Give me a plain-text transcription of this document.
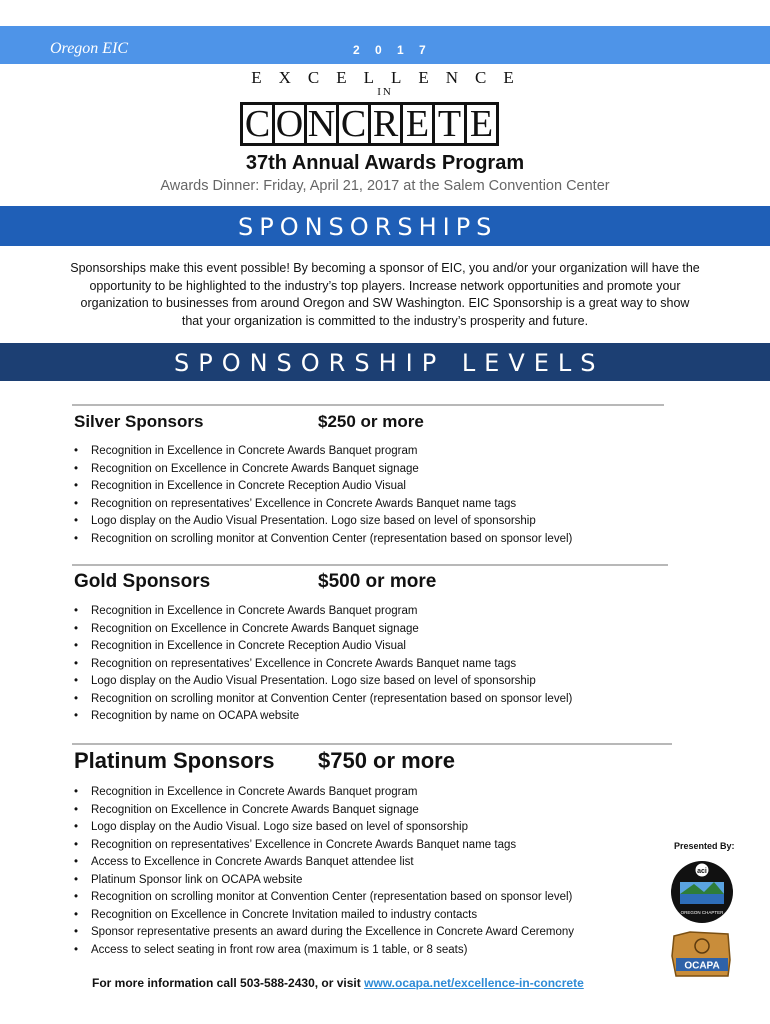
Oregon EIC	2 0 1 7
EXCELLENCE
IN
C O N C R E T E
37th Annual Awards Program
Awards Dinner: Friday, April 21, 2017 at the Salem Convention Center
SPONSORSHIPS
Sponsorships make this event possible! By becoming a sponsor of EIC, you and/or your organization will have the
opportunity to be highlighted to the industry’s top players. Increase network opportunities and promote your
organization to businesses from around Oregon and SW Washington. EIC Sponsorship is a great way to show
that your organization is committed to the industry’s prosperity and future.
SPONSORSHIP LEVELS
Silver Sponsors	$250 or more
• Recognition in Excellence in Concrete Awards Banquet program
• Recognition on Excellence in Concrete Awards Banquet signage
• Recognition in Excellence in Concrete Reception Audio Visual
• Recognition on representatives’ Excellence in Concrete Awards Banquet name tags
• Logo display on the Audio Visual Presentation. Logo size based on level of sponsorship
• Recognition on scrolling monitor at Convention Center (representation based on sponsor level)
Gold Sponsors	$500 or more
• Recognition in Excellence in Concrete Awards Banquet program
• Recognition on Excellence in Concrete Awards Banquet signage
• Recognition in Excellence in Concrete Reception Audio Visual
• Recognition on representatives’ Excellence in Concrete Awards Banquet name tags
• Logo display on the Audio Visual Presentation. Logo size based on level of sponsorship
• Recognition on scrolling monitor at Convention Center (representation based on sponsor level)
• Recognition by name on OCAPA website
Platinum Sponsors $750 or more
• Recognition in Excellence in Concrete Awards Banquet program
• Recognition on Excellence in Concrete Awards Banquet signage
• Logo display on the Audio Visual. Logo size based on level of sponsorship
• Recognition on representatives’ Excellence in Concrete Awards Banquet name tags
• Access to Excellence in Concrete Awards Banquet attendee list
• Platinum Sponsor link on OCAPA website
• Recognition on scrolling monitor at Convention Center (representation based on sponsor level)
• Recognition on Excellence in Concrete Invitation mailed to industry contacts
• Sponsor representative presents an award during the Excellence in Concrete Award Ceremony
• Access to select seating in front row area (maximum is 1 table, or 8 seats)
Presented By:
aci
OREGON CHAPTER
OCAPA
For more information call 503-588-2430, or visit www.ocapa.net/excellence-in-concrete
